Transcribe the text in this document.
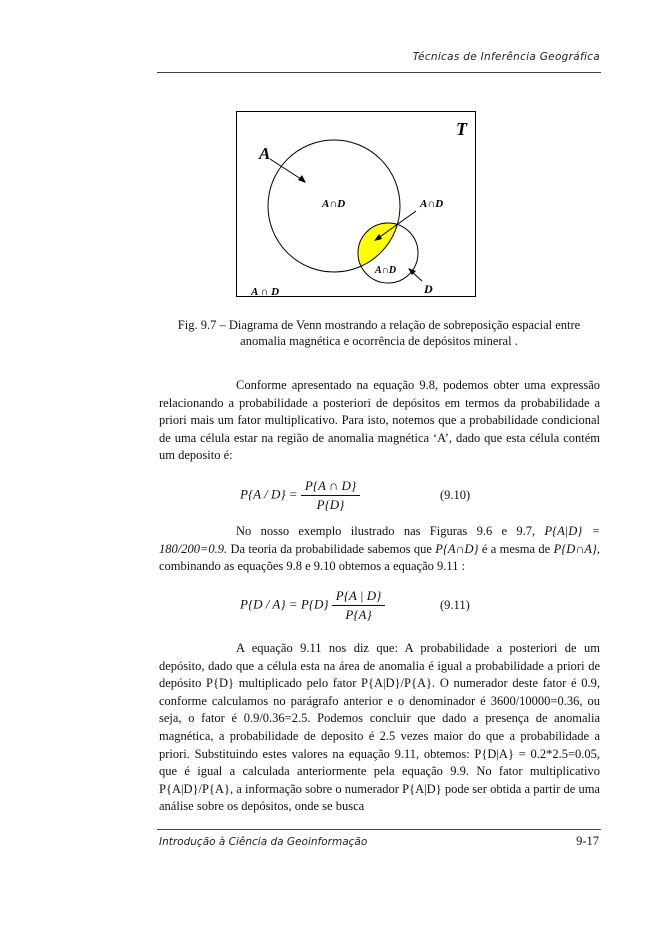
Técnicas de Inferência Geográfica
T
A
A∩D	A∩D
A∩D
D
A ∩ D
Fig. 9.7 – Diagrama de Venn mostrando a relação de sobreposição espacial entre
anomalia magnética e ocorrência de depósitos mineral .

Conforme apresentado na equação 9.8, podemos obter uma expressão relacionando a probabilidade a posteriori de depósitos em termos da probabilidade a priori mais um fator multiplicativo. Para isto, notemos que a probabilidade condicional de uma célula estar na região de anomalia magnética ‘A’, dado que esta célula contém um deposito é:

$P\{A / D\} = \frac{P\{A \cap D\}}{P\{D\}}$	(9.10)

No nosso exemplo ilustrado nas Figuras 9.6 e 9.7, P{A|D} = 180/200=0.9. Da teoria da probabilidade sabemos que P{A∩D} é a mesma de P{D∩A}, combinando as equações 9.8 e 9.10 obtemos a equação 9.11 :

$P\{D / A\} = P\{D\} \frac{P\{A | D\}}{P\{A\}}$	(9.11)

A equação 9.11 nos diz que: A probabilidade a posteriori de um depósito, dado que a célula esta na área de anomalia é igual a probabilidade a priori de depósito P{D} multiplicado pelo fator P{A|D}/P{A}. O numerador deste fator é 0.9, conforme calculamos no parágrafo anterior e o denominador é 3600/10000=0.36, ou seja, o fator é 0.9/0.36=2.5. Podemos concluir que dado a presença de anomalia magnética, a probabilidade de deposito é 2.5 vezes maior do que a probabilidade a priori. Substituindo estes valores na equação 9.11, obtemos: P{D|A} = 0.2*2.5=0.05, que é igual a calculada anteriormente pela equação 9.9. No fator multiplicativo P{A|D}/P{A}, a informação sobre o numerador P{A|D} pode ser obtida a partir de uma análise sobre os depósitos, onde se busca

Introdução à Ciência da Geoinformação	9-17
